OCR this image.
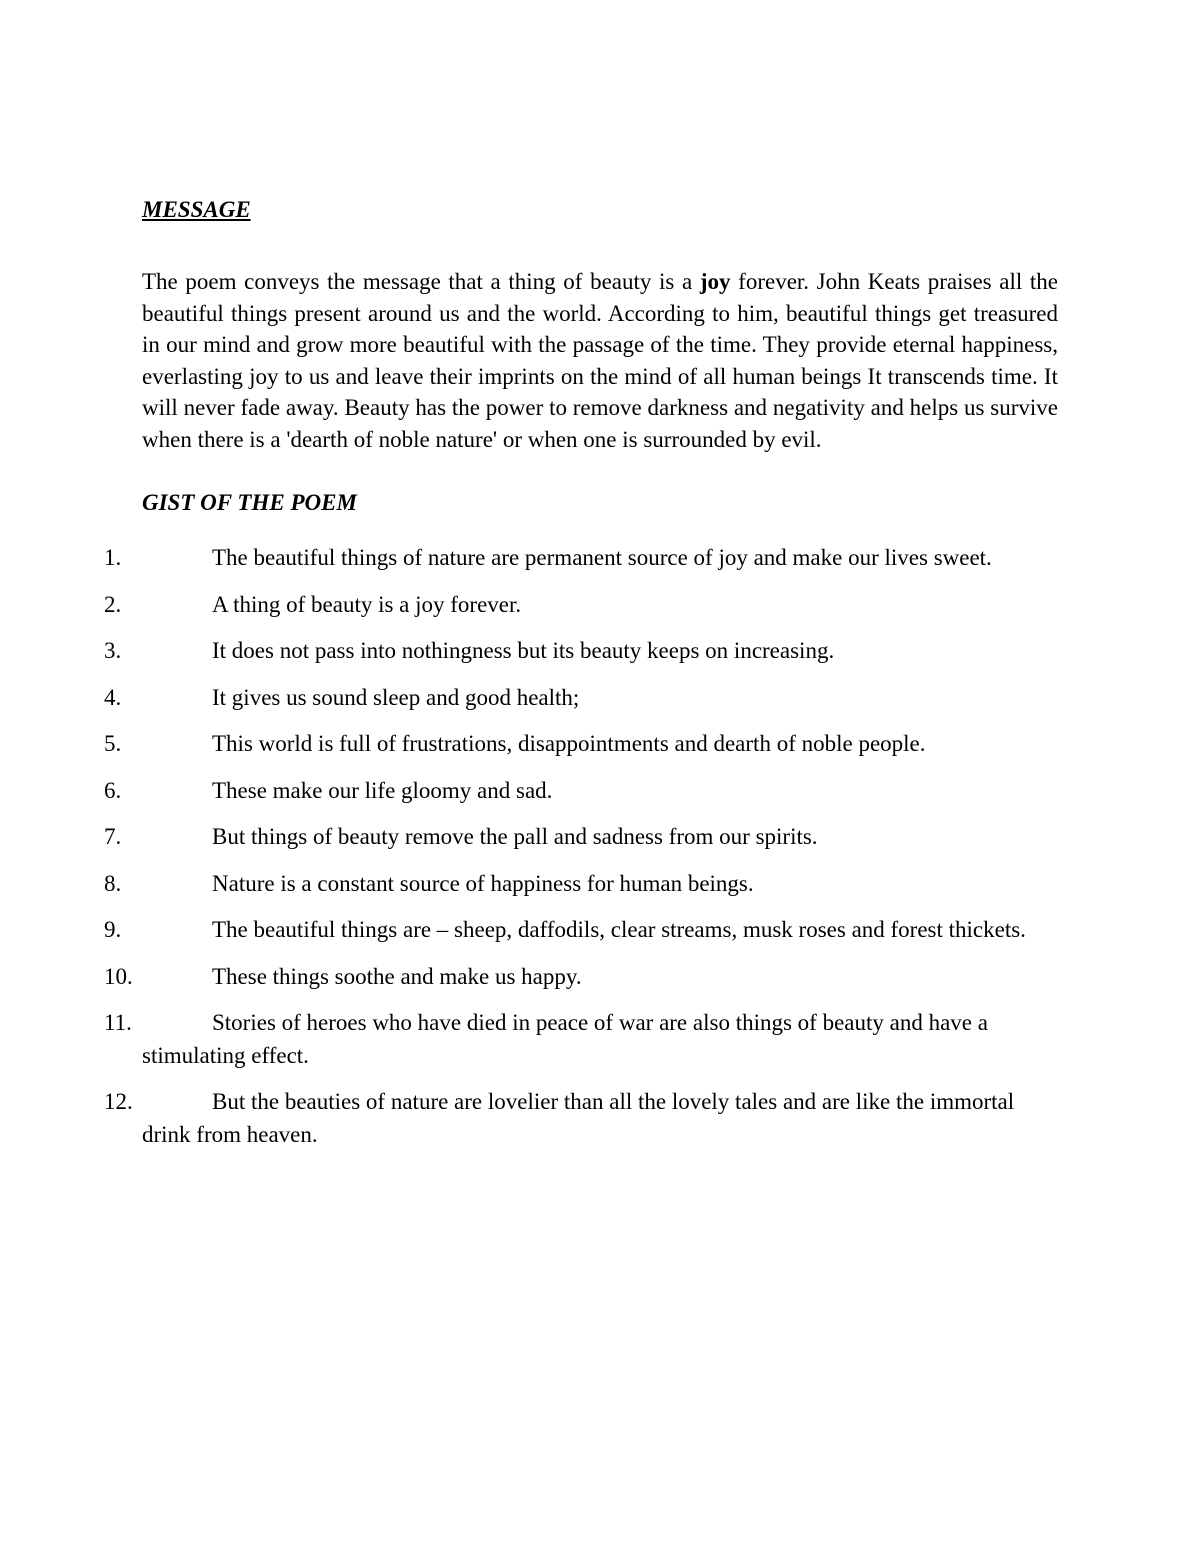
MESSAGE

The poem conveys the message that a thing of beauty is a joy forever. John Keats praises all the beautiful things present around us and the world. According to him, beautiful things get treasured in our mind and grow more beautiful with the passage of the time. They provide eternal happiness, everlasting joy to us and leave their imprints on the mind of all human beings It transcends time. It will never fade away. Beauty has the power to remove darkness and negativity and helps us survive when there is a 'dearth of noble nature' or when one is surrounded by evil.

GIST OF THE POEM
1.	The beautiful things of nature are permanent source of joy and make our lives sweet.
2.	A thing of beauty is a joy forever.
3.	It does not pass into nothingness but its beauty keeps on increasing.
4.	It gives us sound sleep and good health;
5.	This world is full of frustrations, disappointments and dearth of noble people.
6.	These make our life gloomy and sad.
7.	But things of beauty remove the pall and sadness from our spirits.
8.	Nature is a constant source of happiness for human beings.
9.	The beautiful things are – sheep, daffodils, clear streams, musk roses and forest thickets.
10.	These things soothe and make us happy.
11.	Stories of heroes who have died in peace of war are also things of beauty and have a stimulating effect.
12.	But the beauties of nature are lovelier than all the lovely tales and are like the immortal drink from heaven.
